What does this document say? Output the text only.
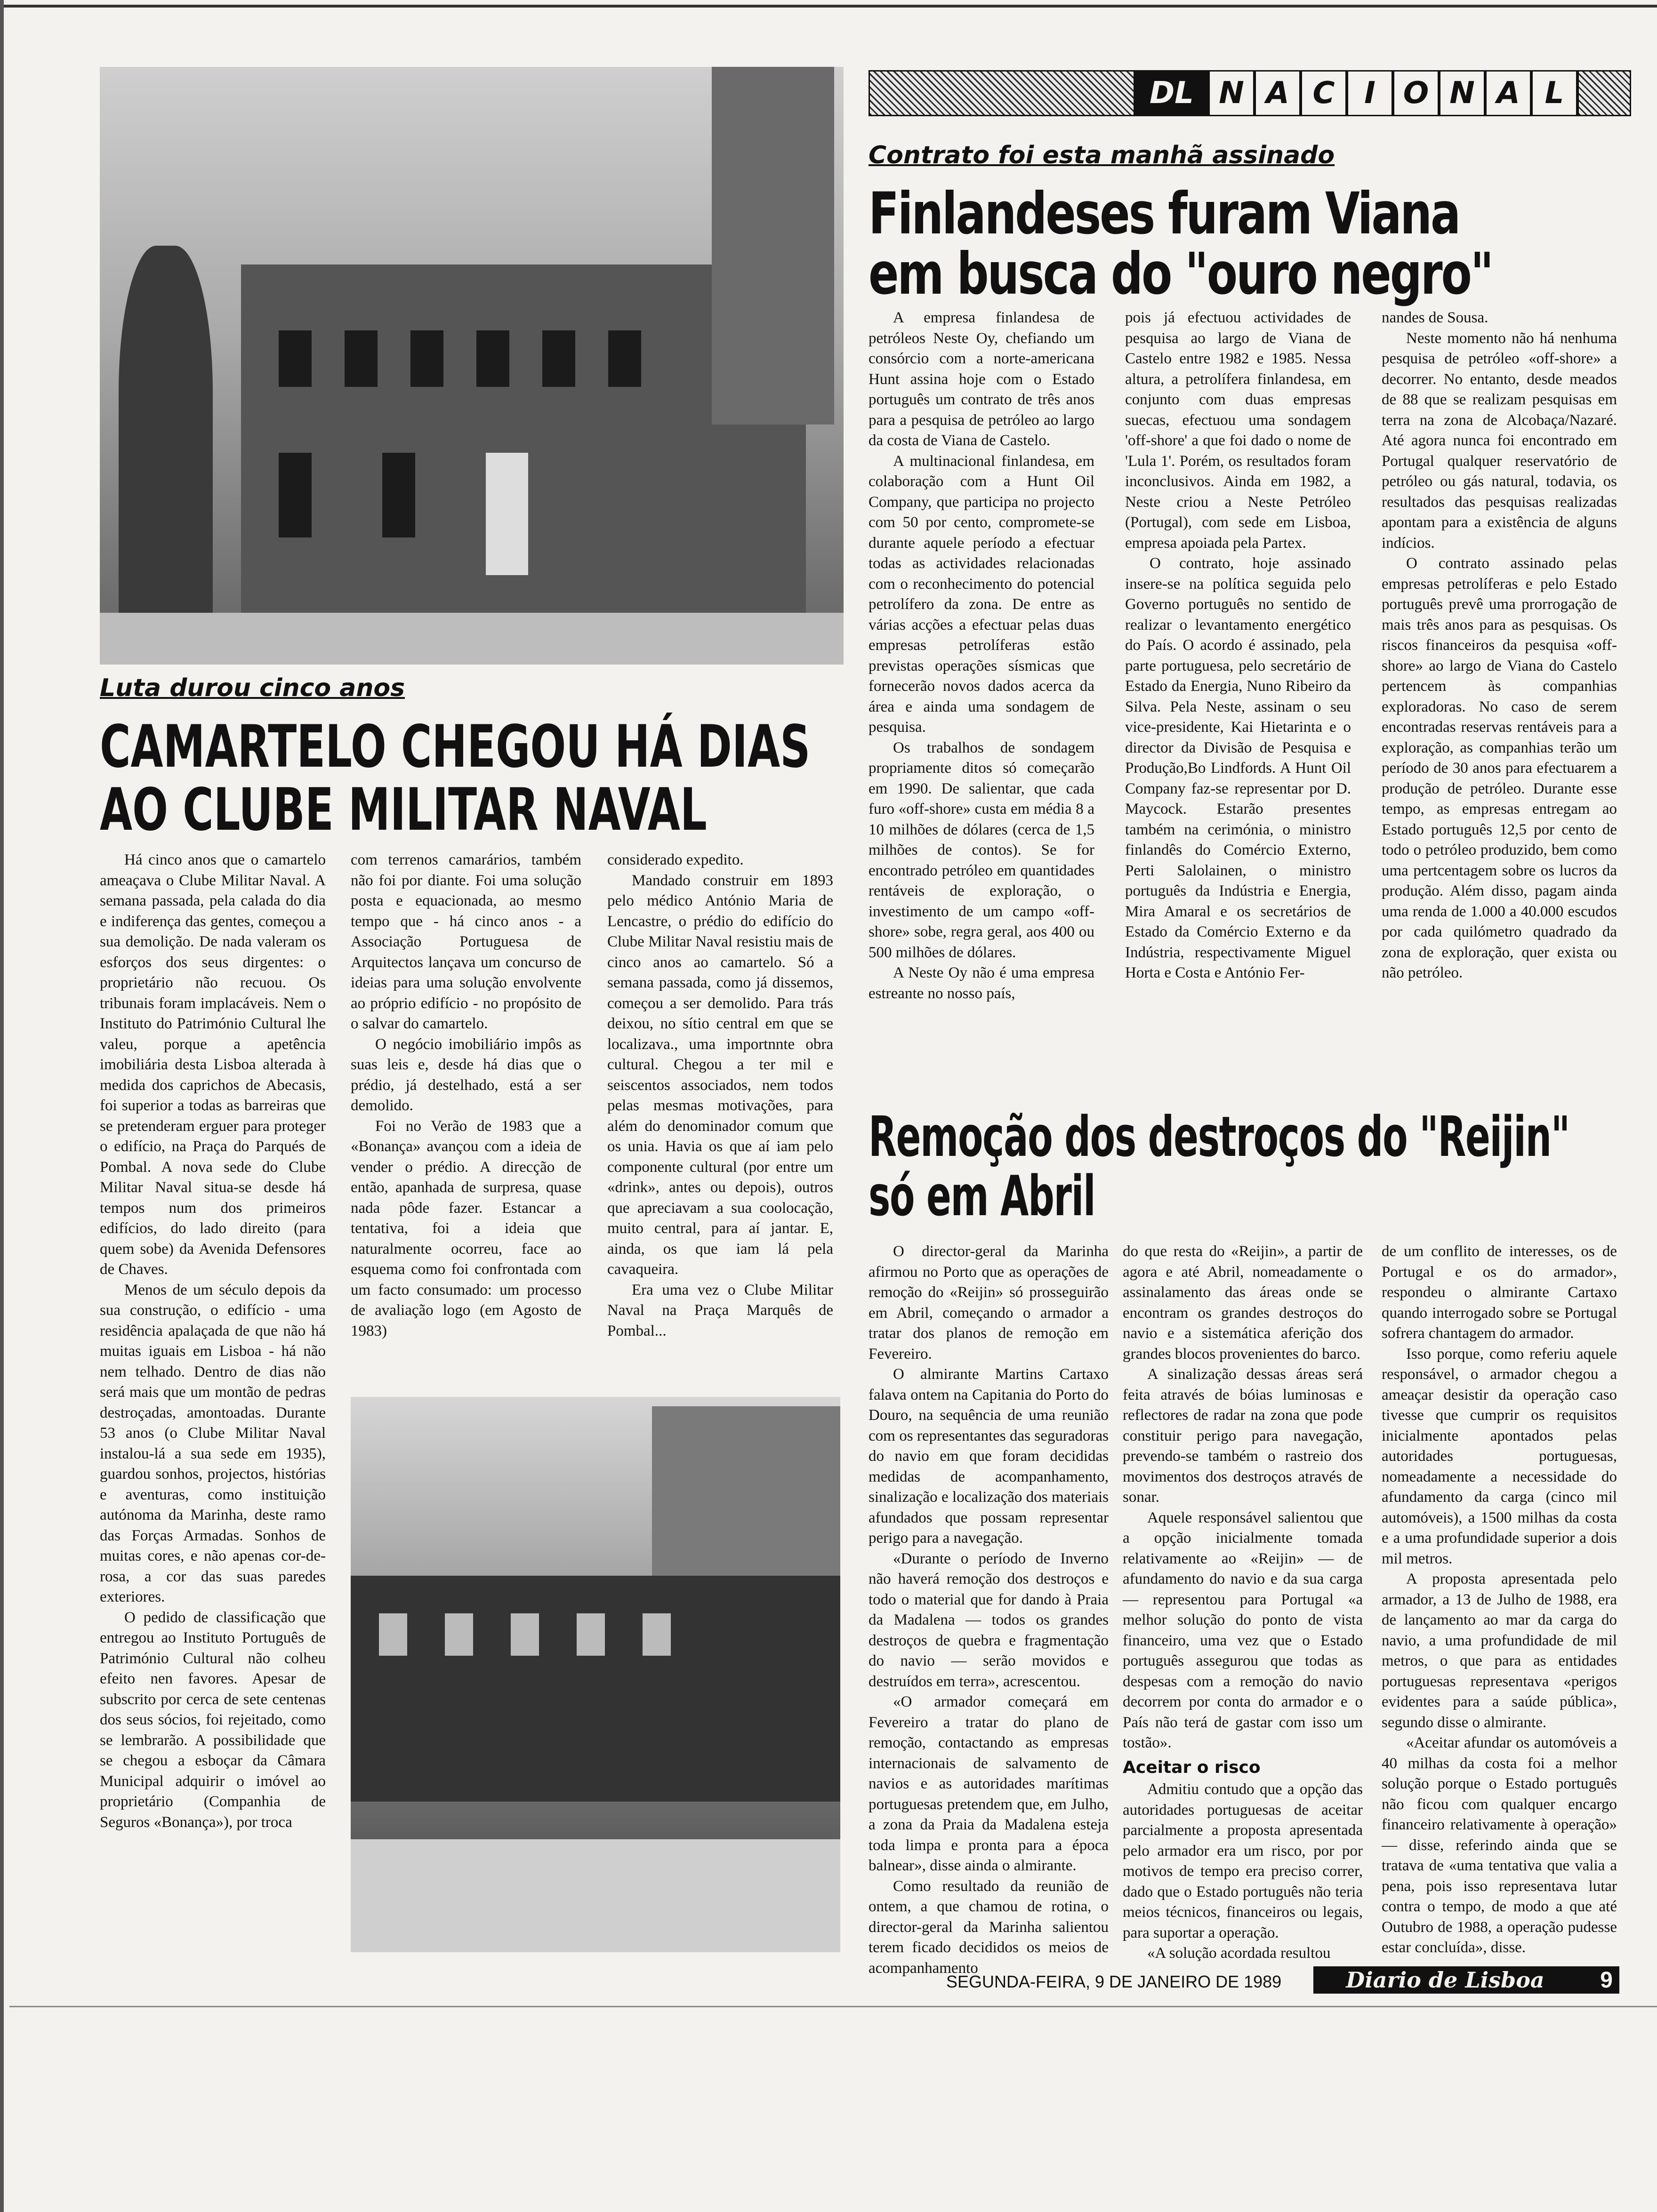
DL N A C I O N A L
Contrato foi esta manhã assinado
Finlandeses furam Viana
em busca do "ouro negro"

A empresa finlandesa de petróleos Neste Oy, chefiando um consórcio com a norte-americana Hunt assina hoje com o Estado português um contrato de três anos para a pesquisa de petróleo ao largo da costa de Viana de Castelo.

A multinacional finlandesa, em colaboração com a Hunt Oil Company, que participa no projecto com 50 por cento, compromete-se durante aquele período a efectuar todas as actividades relacionadas com o reconhecimento do potencial petrolífero da zona. De entre as várias acções a efectuar pelas duas empresas petrolíferas estão previstas operações sísmicas que fornecerão novos dados acerca da área e ainda uma sondagem de pesquisa.

Os trabalhos de sondagem propriamente ditos só começarão em 1990. De salientar, que cada furo «off-shore» custa em média 8 a 10 milhões de dólares (cerca de 1,5 milhões de contos). Se for encontrado petróleo em quantidades rentáveis de exploração, o investimento de um campo «off-shore» sobe, regra geral, aos 400 ou 500 milhões de dólares.

A Neste Oy não é uma empresa estreante no nosso país,

pois já efectuou actividades de pesquisa ao largo de Viana de Castelo entre 1982 e 1985. Nessa altura, a petrolífera finlandesa, em conjunto com duas empresas suecas, efectuou uma sondagem 'off-shore' a que foi dado o nome de 'Lula 1'. Porém, os resultados foram inconclusivos. Ainda em 1982, a Neste criou a Neste Petróleo (Portugal), com sede em Lisboa, empresa apoiada pela Partex.

O contrato, hoje assinado insere-se na política seguida pelo Governo português no sentido de realizar o levantamento energético do País. O acordo é assinado, pela parte portuguesa, pelo secretário de Estado da Energia, Nuno Ribeiro da Silva. Pela Neste, assinam o seu vice-presidente, Kai Hietarinta e o director da Divisão de Pesquisa e Produção,Bo Lindfords. A Hunt Oil Company faz-se representar por D. Maycock. Estarão presentes também na cerimónia, o ministro finlandês do Comércio Externo, Perti Salolainen, o ministro português da Indústria e Energia, Mira Amaral e os secretários de Estado da Comércio Externo e da Indústria, respectivamente Miguel Horta e Costa e António Fer-

nandes de Sousa.

Neste momento não há nenhuma pesquisa de petróleo «off-shore» a decorrer. No entanto, desde meados de 88 que se realizam pesquisas em terra na zona de Alcobaça/Nazaré. Até agora nunca foi encontrado em Portugal qualquer reservatório de petróleo ou gás natural, todavia, os resultados das pesquisas realizadas apontam para a existência de alguns indícios.

O contrato assinado pelas empresas petrolíferas e pelo Estado português prevê uma prorrogação de mais três anos para as pesquisas. Os riscos financeiros da pesquisa «off-shore» ao largo de Viana do Castelo pertencem às companhias exploradoras. No caso de serem encontradas reservas rentáveis para a exploração, as companhias terão um período de 30 anos para efectuarem a produção de petróleo. Durante esse tempo, as empresas entregam ao Estado português 12,5 por cento de todo o petróleo produzido, bem como uma pertcentagem sobre os lucros da produção. Além disso, pagam ainda uma renda de 1.000 a 40.000 escudos por cada quilómetro quadrado da zona de exploração, quer exista ou não petróleo.

Luta durou cinco anos
CAMARTELO CHEGOU HÁ DIAS
AO CLUBE MILITAR NAVAL

Há cinco anos que o camartelo ameaçava o Clube Militar Naval. A semana passada, pela calada do dia e indiferença das gentes, começou a sua demolição. De nada valeram os esforços dos seus dirgentes: o proprietário não recuou. Os tribunais foram implacáveis. Nem o Instituto do Património Cultural lhe valeu, porque a apetência imobiliária desta Lisboa alterada à medida dos caprichos de Abecasis, foi superior a todas as barreiras que se pretenderam erguer para proteger o edifício, na Praça do Parqués de Pombal. A nova sede do Clube Militar Naval situa-se desde há tempos num dos primeiros edifícios, do lado direito (para quem sobe) da Avenida Defensores de Chaves.

Menos de um século depois da sua construção, o edifício - uma residência apalaçada de que não há muitas iguais em Lisboa - há não nem telhado. Dentro de dias não será mais que um montão de pedras destroçadas, amontoadas. Durante 53 anos (o Clube Militar Naval instalou-lá a sua sede em 1935), guardou sonhos, projectos, histórias e aventuras, como instituição autónoma da Marinha, deste ramo das Forças Armadas. Sonhos de muitas cores, e não apenas cor-de-rosa, a cor das suas paredes exteriores.

O pedido de classificação que entregou ao Instituto Português de Património Cultural não colheu efeito nen favores. Apesar de subscrito por cerca de sete centenas dos seus sócios, foi rejeitado, como se lembrarão. A possibilidade que se chegou a esboçar da Câmara Municipal adquirir o imóvel ao proprietário (Companhia de Seguros «Bonança»), por troca

com terrenos camarários, também não foi por diante. Foi uma solução posta e equacionada, ao mesmo tempo que - há cinco anos - a Associação Portuguesa de Arquitectos lançava um concurso de ideias para uma solução envolvente ao próprio edifício - no propósito de o salvar do camartelo.

O negócio imobiliário impôs as suas leis e, desde há dias que o prédio, já destelhado, está a ser demolido.

Foi no Verão de 1983 que a «Bonança» avançou com a ideia de vender o prédio. A direcção de então, apanhada de surpresa, quase nada pôde fazer. Estancar a tentativa, foi a ideia que naturalmente ocorreu, face ao esquema como foi confrontada com um facto consumado: um processo de avaliação logo (em Agosto de 1983)

considerado expedito.

Mandado construir em 1893 pelo médico António Maria de Lencastre, o prédio do edifício do Clube Militar Naval resistiu mais de cinco anos ao camartelo. Só a semana passada, como já dissemos, começou a ser demolido. Para trás deixou, no sítio central em que se localizava., uma importnnte obra cultural. Chegou a ter mil e seiscentos associados, nem todos pelas mesmas motivações, para além do denominador comum que os unia. Havia os que aí iam pelo componente cultural (por entre um «drink», antes ou depois), outros que apreciavam a sua coolocação, muito central, para aí jantar. E, ainda, os que iam lá pela cavaqueira.

Era uma vez o Clube Militar Naval na Praça Marquês de Pombal...

Remoção dos destroços do "Reijin"
só em Abril

O director-geral da Marinha afirmou no Porto que as operações de remoção do «Reijin» só prosseguirão em Abril, começando o armador a tratar dos planos de remoção em Fevereiro.

O almirante Martins Cartaxo falava ontem na Capitania do Porto do Douro, na sequência de uma reunião com os representantes das seguradoras do navio em que foram decididas medidas de acompanhamento, sinalização e localização dos materiais afundados que possam representar perigo para a navegação.

«Durante o período de Inverno não haverá remoção dos destroços e todo o material que for dando à Praia da Madalena — todos os grandes destroços de quebra e fragmentação do navio — serão movidos e destruídos em terra», acrescentou.

«O armador começará em Fevereiro a tratar do plano de remoção, contactando as empresas internacionais de salvamento de navios e as autoridades marítimas portuguesas pretendem que, em Julho, a zona da Praia da Madalena esteja toda limpa e pronta para a época balnear», disse ainda o almirante.

Como resultado da reunião de ontem, a que chamou de rotina, o director-geral da Marinha salientou terem ficado decididos os meios de acompanhamento

do que resta do «Reijin», a partir de agora e até Abril, nomeadamente o assinalamento das áreas onde se encontram os grandes destroços do navio e a sistemática aferição dos grandes blocos provenientes do barco.

A sinalização dessas áreas será feita através de bóias luminosas e reflectores de radar na zona que pode constituir perigo para navegação, prevendo-se também o rastreio dos movimentos dos destroços através de sonar.

Aquele responsável salientou que a opção inicialmente tomada relativamente ao «Reijin» — de afundamento do navio e da sua carga — representou para Portugal «a melhor solução do ponto de vista financeiro, uma vez que o Estado português assegurou que todas as despesas com a remoção do navio decorrem por conta do armador e o País não terá de gastar com isso um tostão».

Aceitar o risco

Admitiu contudo que a opção das autoridades portuguesas de aceitar parcialmente a proposta apresentada pelo armador era um risco, por por motivos de tempo era preciso correr, dado que o Estado português não teria meios técnicos, financeiros ou legais, para suportar a operação.

«A solução acordada resultou

de um conflito de interesses, os de Portugal e os do armador», respondeu o almirante Cartaxo quando interrogado sobre se Portugal sofrera chantagem do armador.

Isso porque, como referiu aquele responsável, o armador chegou a ameaçar desistir da operação caso tivesse que cumprir os requisitos inicialmente apontados pelas autoridades portuguesas, nomeadamente a necessidade do afundamento da carga (cinco mil automóveis), a 1500 milhas da costa e a uma profundidade superior a dois mil metros.

A proposta apresentada pelo armador, a 13 de Julho de 1988, era de lançamento ao mar da carga do navio, a uma profundidade de mil metros, o que para as entidades portuguesas representava «perigos evidentes para a saúde pública», segundo disse o almirante.

«Aceitar afundar os automóveis a 40 milhas da costa foi a melhor solução porque o Estado português não ficou com qualquer encargo financeiro relativamente à operação» — disse, referindo ainda que se tratava de «uma tentativa que valia a pena, pois isso representava lutar contra o tempo, de modo a que até Outubro de 1988, a operação pudesse estar concluída», disse.

SEGUNDA-FEIRA, 9 DE JANEIRO DE 1989	Diario de Lisboa	9
